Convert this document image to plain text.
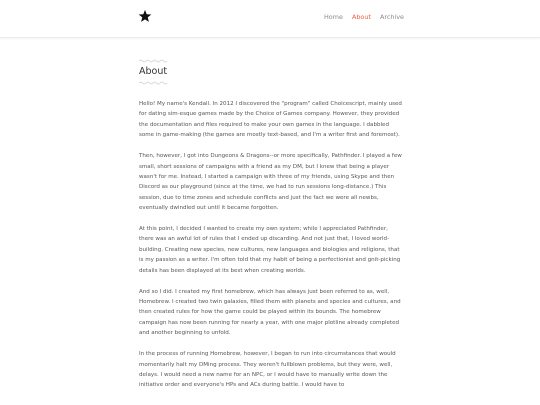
Home About Archive
About

Hello! My name's Kendall. In 2012 I discovered the "program" called Choicescript, mainly used for dating sim-esque games made by the Choice of Games company. However, they provided the documentation and files required to make your own games in the language. I dabbled some in game-making (the games are mostly text-based, and I'm a writer first and foremost).

Then, however, I got into Dungeons & Dragons--or more specifically, Pathfinder. I played a few small, short sessions of campaigns with a friend as my DM, but I knew that being a player wasn't for me. Instead, I started a campaign with three of my friends, using Skype and then Discord as our playground (since at the time, we had to run sessions long-distance.) This session, due to time zones and schedule conflicts and just the fact we were all newbs, eventually dwindled out until it became forgotten.

At this point, I decided I wanted to create my own system; while I appreciated Pathfinder, there was an awful lot of rules that I ended up discarding. And not just that, I loved world-building. Creating new species, new cultures, new languages and biologies and religions, that is my passion as a writer. I'm often told that my habit of being a perfectionist and gnit-picking details has been displayed at its best when creating worlds.

And so I did. I created my first homebrew, which has always just been referred to as, well, Homebrew. I created two twin galaxies, filled them with planets and species and cultures, and then created rules for how the game could be played within its bounds. The homebrew campaign has now been running for nearly a year, with one major plotline already completed and another beginning to unfold.

In the process of running Homebrew, however, I began to run into circumstances that would momentarily halt my DMing process. They weren't fullblown problems, but they were, well, delays. I would need a new name for an NPC, or I would have to manually write down the initiative order and everyone's HPs and ACs during battle. I would have to
